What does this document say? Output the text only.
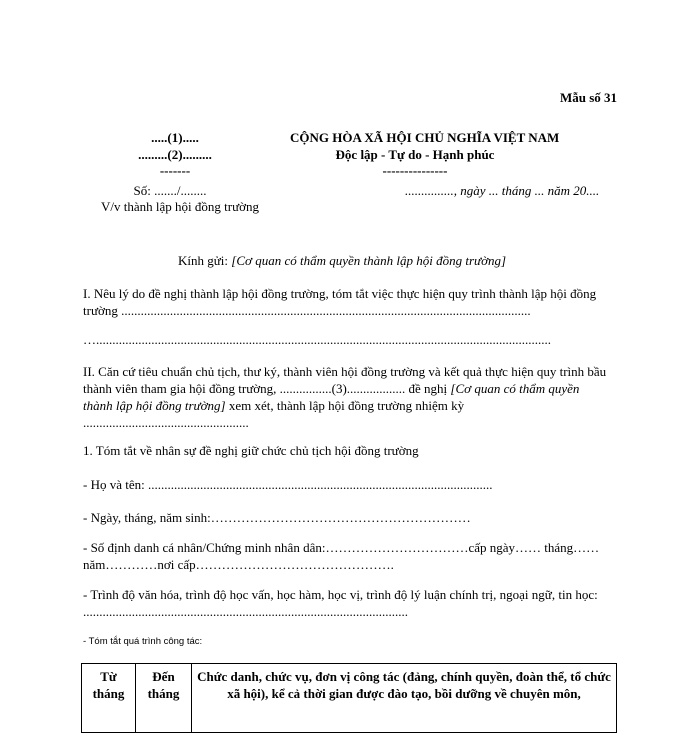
Mẫu số 31
.....(1).....
.........(2).........
-------
Số: ......./........
V/v thành lập hội đồng trường
CỘNG HÒA XÃ HỘI CHỦ NGHĨA VIỆT NAM
Độc lập - Tự do - Hạnh phúc
---------------
..............., ngày ... tháng ... năm 20....
Kính gửi: [Cơ quan có thẩm quyền thành lập hội đồng trường]
I. Nêu lý do đề nghị thành lập hội đồng trường, tóm tắt việc thực hiện quy trình thành lập hội đồng trường ..............................................................................................................................
…............................................................................................................................................
II. Căn cứ tiêu chuẩn chủ tịch, thư ký, thành viên hội đồng trường và kết quả thực hiện quy trình bầu thành viên tham gia hội đồng trường, ................(3).................. đề nghị [Cơ quan có thẩm quyền thành lập hội đồng trường] xem xét, thành lập hội đồng trường nhiệm kỳ ...................................................
1. Tóm tắt về nhân sự đề nghị giữ chức chủ tịch hội đồng trường
- Họ và tên: ..........................................................................................................
- Ngày, tháng, năm sinh:……………………………………………………
- Số định danh cá nhân/Chứng minh nhân dân:……………………………cấp ngày…… tháng……năm…………nơi cấp……………………………………….
- Trình độ văn hóa, trình độ học vấn, học hàm, học vị, trình độ lý luận chính trị, ngoại ngữ, tin học: ....................................................................................................
- Tóm tắt quá trình công tác:
Từ tháng	Đến tháng	Chức danh, chức vụ, đơn vị công tác (đảng, chính quyền, đoàn thể, tổ chức xã hội), kể cả thời gian được đào tạo, bồi dưỡng về chuyên môn,
